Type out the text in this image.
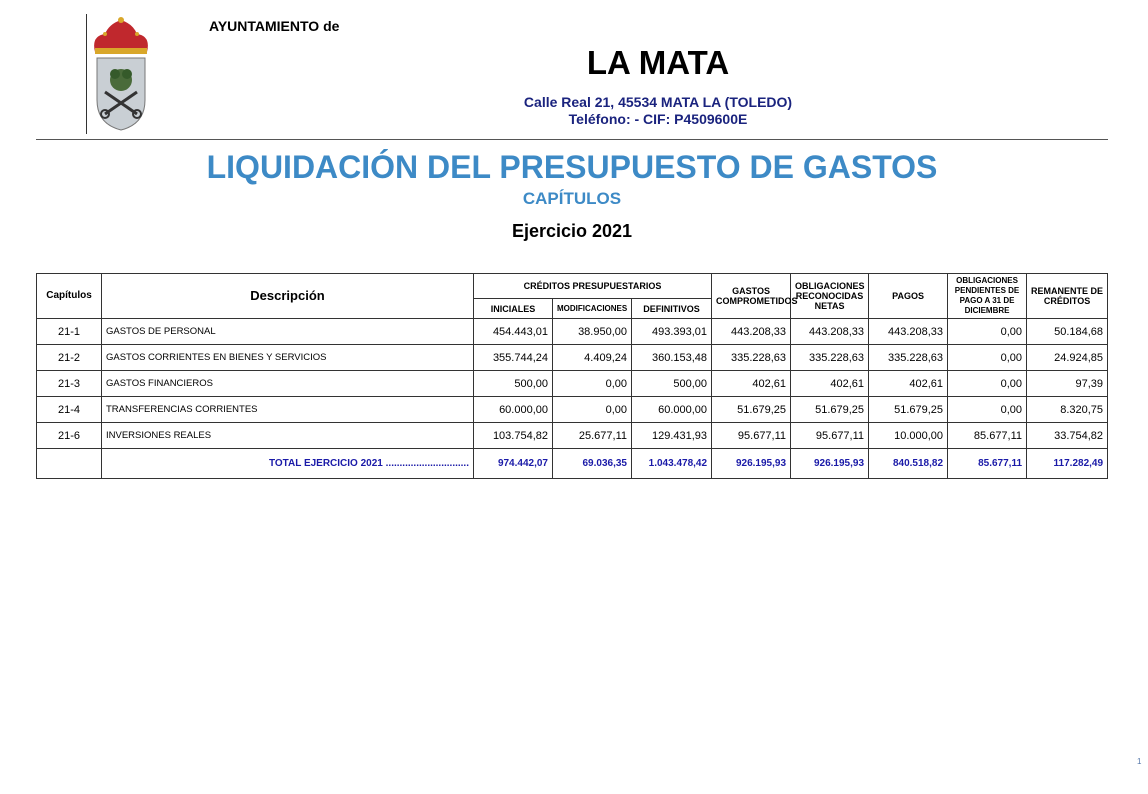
AYUNTAMIENTO de
LA MATA
Calle Real 21, 45534 MATA LA (TOLEDO)
Teléfono: - CIF: P4509600E
LIQUIDACIÓN DEL PRESUPUESTO DE GASTOS
CAPÍTULOS
Ejercicio 2021
Capítulos	Descripción	CRÉDITOS PRESUPUESTARIOS			GASTOS COMPROMETIDOS	OBLIGACIONES RECONOCIDAS NETAS	PAGOS	OBLIGACIONES PENDIENTES DE PAGO A 31 DE DICIEMBRE	REMANENTE DE CRÉDITOS
		INICIALES	MODIFICACIONES	DEFINITIVOS					
21-1	GASTOS DE PERSONAL	454.443,01	38.950,00	493.393,01	443.208,33	443.208,33	443.208,33	0,00	50.184,68
21-2	GASTOS CORRIENTES EN BIENES Y SERVICIOS	355.744,24	4.409,24	360.153,48	335.228,63	335.228,63	335.228,63	0,00	24.924,85
21-3	GASTOS FINANCIEROS	500,00	0,00	500,00	402,61	402,61	402,61	0,00	97,39
21-4	TRANSFERENCIAS CORRIENTES	60.000,00	0,00	60.000,00	51.679,25	51.679,25	51.679,25	0,00	8.320,75
21-6	INVERSIONES REALES	103.754,82	25.677,11	129.431,93	95.677,11	95.677,11	10.000,00	85.677,11	33.754,82
	TOTAL EJERCICIO 2021 ..............................	974.442,07	69.036,35	1.043.478,42	926.195,93	926.195,93	840.518,82	85.677,11	117.282,49
1
